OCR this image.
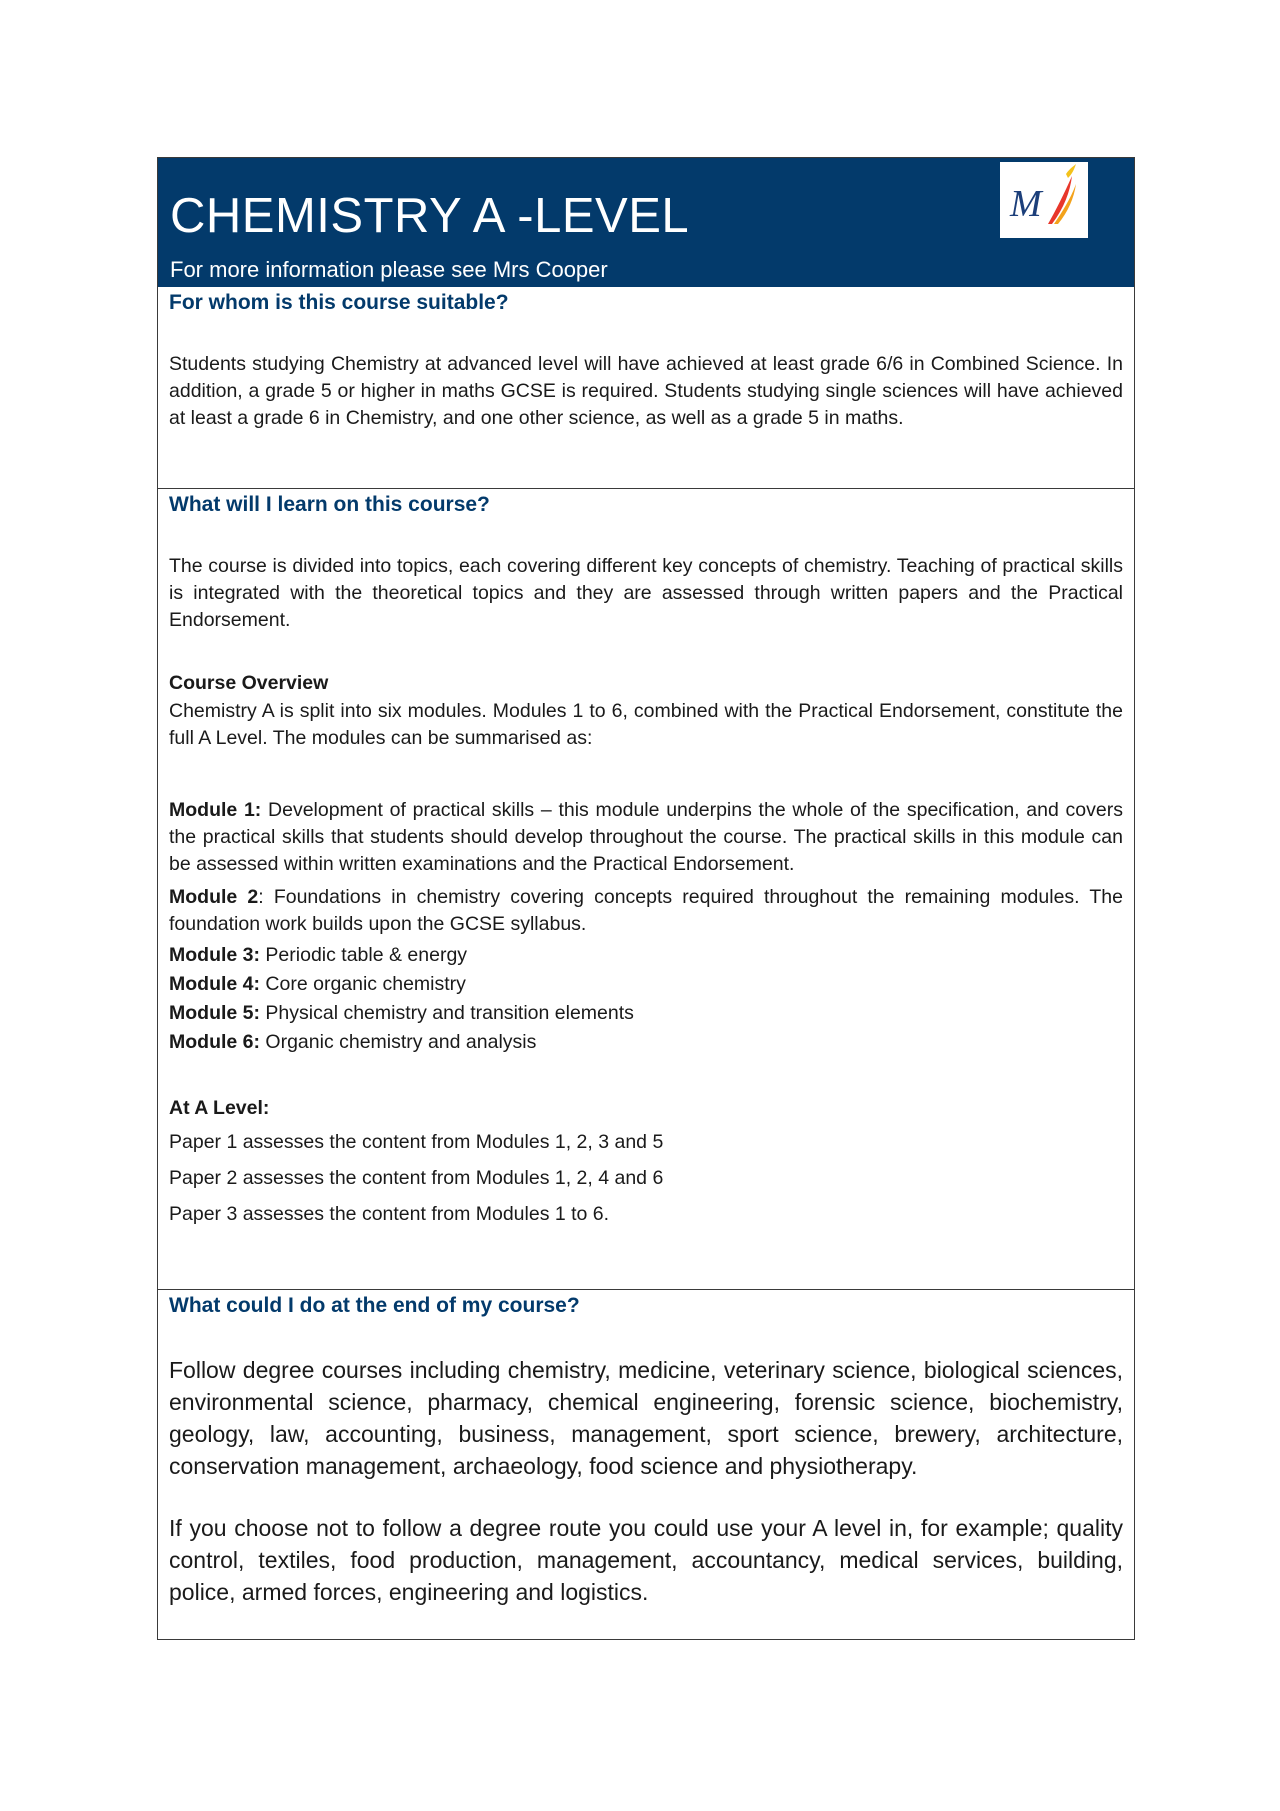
CHEMISTRY A -LEVEL
For more information please see Mrs Cooper
M
For whom is this course suitable?
Students studying Chemistry at advanced level will have achieved at least grade 6/6 in Combined Science. In addition, a grade 5 or higher in maths GCSE is required. Students studying single sciences will have achieved at least a grade 6 in Chemistry, and one other science, as well as a grade 5 in maths.
What will I learn on this course?
The course is divided into topics, each covering different key concepts of chemistry. Teaching of practical skills is integrated with the theoretical topics and they are assessed through written papers and the Practical Endorsement.
Course Overview
Chemistry A is split into six modules. Modules 1 to 6, combined with the Practical Endorsement, constitute the full A Level. The modules can be summarised as:
Module 1: Development of practical skills – this module underpins the whole of the specification, and covers the practical skills that students should develop throughout the course. The practical skills in this module can be assessed within written examinations and the Practical Endorsement.
Module 2: Foundations in chemistry covering concepts required throughout the remaining modules. The foundation work builds upon the GCSE syllabus.
Module 3: Periodic table & energy
Module 4: Core organic chemistry
Module 5: Physical chemistry and transition elements
Module 6: Organic chemistry and analysis
At A Level:
Paper 1 assesses the content from Modules 1, 2, 3 and 5
Paper 2 assesses the content from Modules 1, 2, 4 and 6
Paper 3 assesses the content from Modules 1 to 6.
What could I do at the end of my course?
Follow degree courses including chemistry, medicine, veterinary science, biological sciences, environmental science, pharmacy, chemical engineering, forensic science, biochemistry, geology, law, accounting, business, management, sport science, brewery, architecture, conservation management, archaeology, food science and physiotherapy.
If you choose not to follow a degree route you could use your A level in, for example; quality control, textiles, food production, management, accountancy, medical services, building, police, armed forces, engineering and logistics.
